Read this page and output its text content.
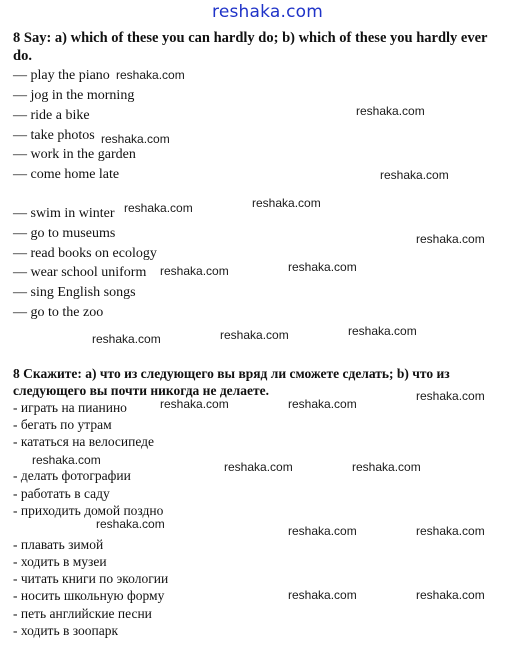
reshaka.com
8 Say: a) which of these you can hardly do; b) which of these you hardly ever
do.
— play the piano
— jog in the morning
— ride a bike
— take photos
— work in the garden
— come home late
— swim in winter
— go to museums
— read books on ecology
— wear school uniform
— sing English songs
— go to the zoo
8 Скажите: а) что из следующего вы вряд ли сможете сделать; b) что из
следующего вы почти никогда не делаете.
- играть на пианино
- бегать по утрам
- кататься на велосипеде
- делать фотографии
- работать в саду
- приходить домой поздно
- плавать зимой
- ходить в музеи
- читать книги по экологии
- носить школьную форму
- петь английские песни
- ходить в зоопарк
reshaka.com
reshaka.com
reshaka.com
reshaka.com
reshaka.com	reshaka.com
reshaka.com
reshaka.com	reshaka.com
reshaka.com	reshaka.com	reshaka.com
reshaka.com	reshaka.com
reshaka.com
reshaka.com	reshaka.com	reshaka.com
reshaka.com	reshaka.com	reshaka.com
reshaka.com	reshaka.com
